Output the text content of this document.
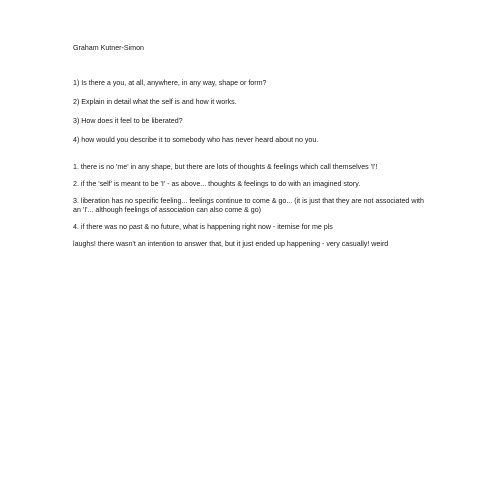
Graham Kutner-Simon

1) Is there a you, at all, anywhere, in any way, shape or form?

2) Explain in detail what the self is and how it works.

3) How does it feel to be liberated?

4) how would you describe it to somebody who has never heard about no you.

1. there is no 'me' in any shape, but there are lots of thoughts & feelings which call themselves 'I'!

2. if the 'self' is meant to be 'I' - as above... thoughts & feelings to do with an imagined story.

3. liberation has no specific feeling... feelings continue to come & go... (it is just that they are not associated with an 'I'... although feelings of association can also come & go)

4. if there was no past & no future, what is happening right now - itemise for me pls

laughs! there wasn't an intention to answer that, but it just ended up happening - very casually! weird
